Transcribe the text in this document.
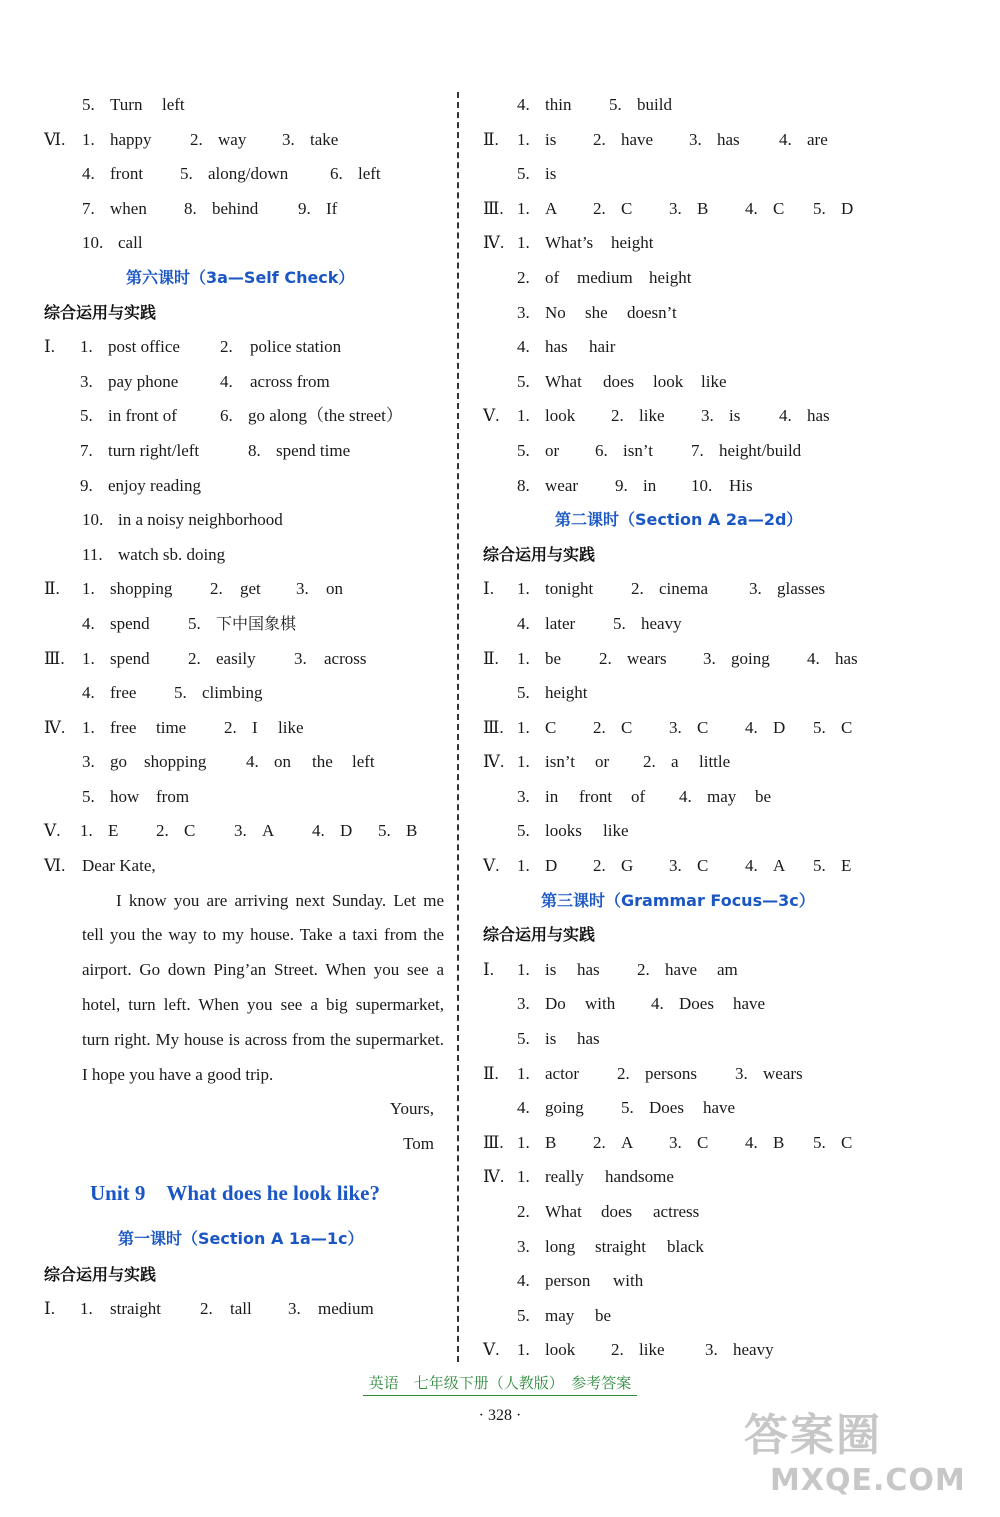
5. Turn left
Ⅵ. 1. happy 2. way 3. take
4. front 5. along/down 6. left
7. when 8. behind 9. If
10. call
第六课时（3a—Self Check）
综合运用与实践
Ⅰ. 1. post office 2. police station
3. pay phone 4. across from
5. in front of	6. go along（the street）
7. turn right/left	8. spend time
9. enjoy reading
10. in a noisy neighborhood
11. watch sb. doing
Ⅱ. 1. shopping 2. get 3. on
4. spend 5. 下中国象棋
Ⅲ. 1. spend 2. easily 3. across
4. free 5. climbing
Ⅳ. 1. free time 2. I like
3. go shopping 4. on the left
5. how from
Ⅴ. 1. E 2. C 3. A 4. D 5. B
Ⅵ. Dear Kate,
I know you are arriving next Sunday. Let me tell you the way to my house. Take a taxi from the airport. Go down Ping’an Street. When you see a hotel, turn left. When you see a big supermarket, turn right. My house is across from the supermarket. I hope you have a good trip.
Yours,
Tom
Unit 9　What does he look like?
第一课时（Section A 1a—1c）
综合运用与实践
Ⅰ. 1. straight 2. tall 3. medium
4. thin 5. build
Ⅱ. 1. is 2. have 3. has 4. are
5. is
Ⅲ. 1. A 2. C 3. B 4. C 5. D
Ⅳ. 1. What’s height
2. of medium height
3. No she doesn’t
4. has hair
5. What does look like
Ⅴ. 1. look 2. like 3. is 4. has
5. or 6. isn’t 7. height/build
8. wear 9. in 10. His
第二课时（Section A 2a—2d）
综合运用与实践
Ⅰ. 1. tonight 2. cinema 3. glasses
4. later 5. heavy
Ⅱ. 1. be 2. wears 3. going 4. has
5. height
Ⅲ. 1. C 2. C 3. C 4. D 5. C
Ⅳ. 1. isn’t or 2. a little
3. in front of 4. may be
5. looks like
Ⅴ. 1. D 2. G 3. C 4. A 5. E
第三课时（Grammar Focus—3c）
综合运用与实践
Ⅰ. 1. is has 2. have am
3. Do with 4. Does have
5. is has
Ⅱ. 1. actor 2. persons 3. wears
4. going 5. Does have
Ⅲ. 1. B 2. A 3. C 4. B 5. C
Ⅳ. 1. really handsome
2. What does actress
3. long straight black
4. person with
5. may be
Ⅴ. 1. look 2. like 3. heavy
英语　七年级下册（人教版）　参考答案
· 328 ·	答案圈
MXQE.COM
